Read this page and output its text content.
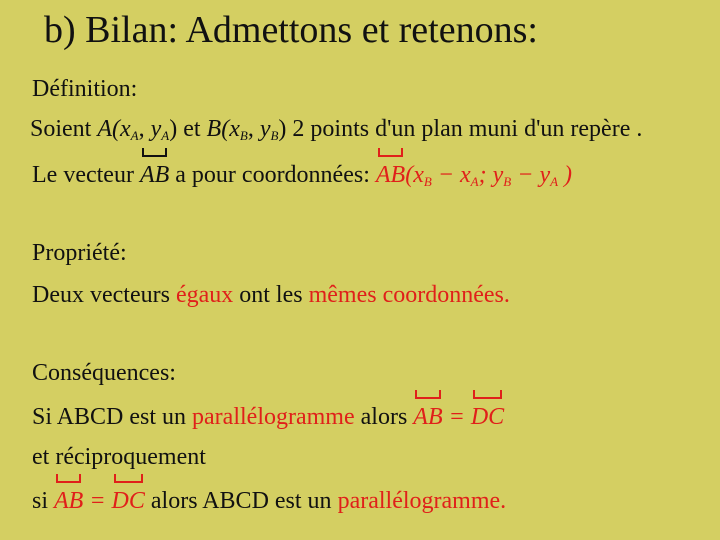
b) Bilan: Admettons et retenons:
Définition:
Soient $A(x_A$, $y_A$) et $B(x_B$, $y_B$) 2 points d'un plan muni d'un repère .
Le vecteur AB a pour coordonnées: $AB(x_B - x_A$; $y_B - y_A$ )
Propriété:
Deux vecteurs égaux ont les mêmes coordonnées.
Conséquences:
Si ABCD est un parallélogramme alors AB = DC
et réciproquement
si AB = DC alors ABCD est un parallélogramme.
